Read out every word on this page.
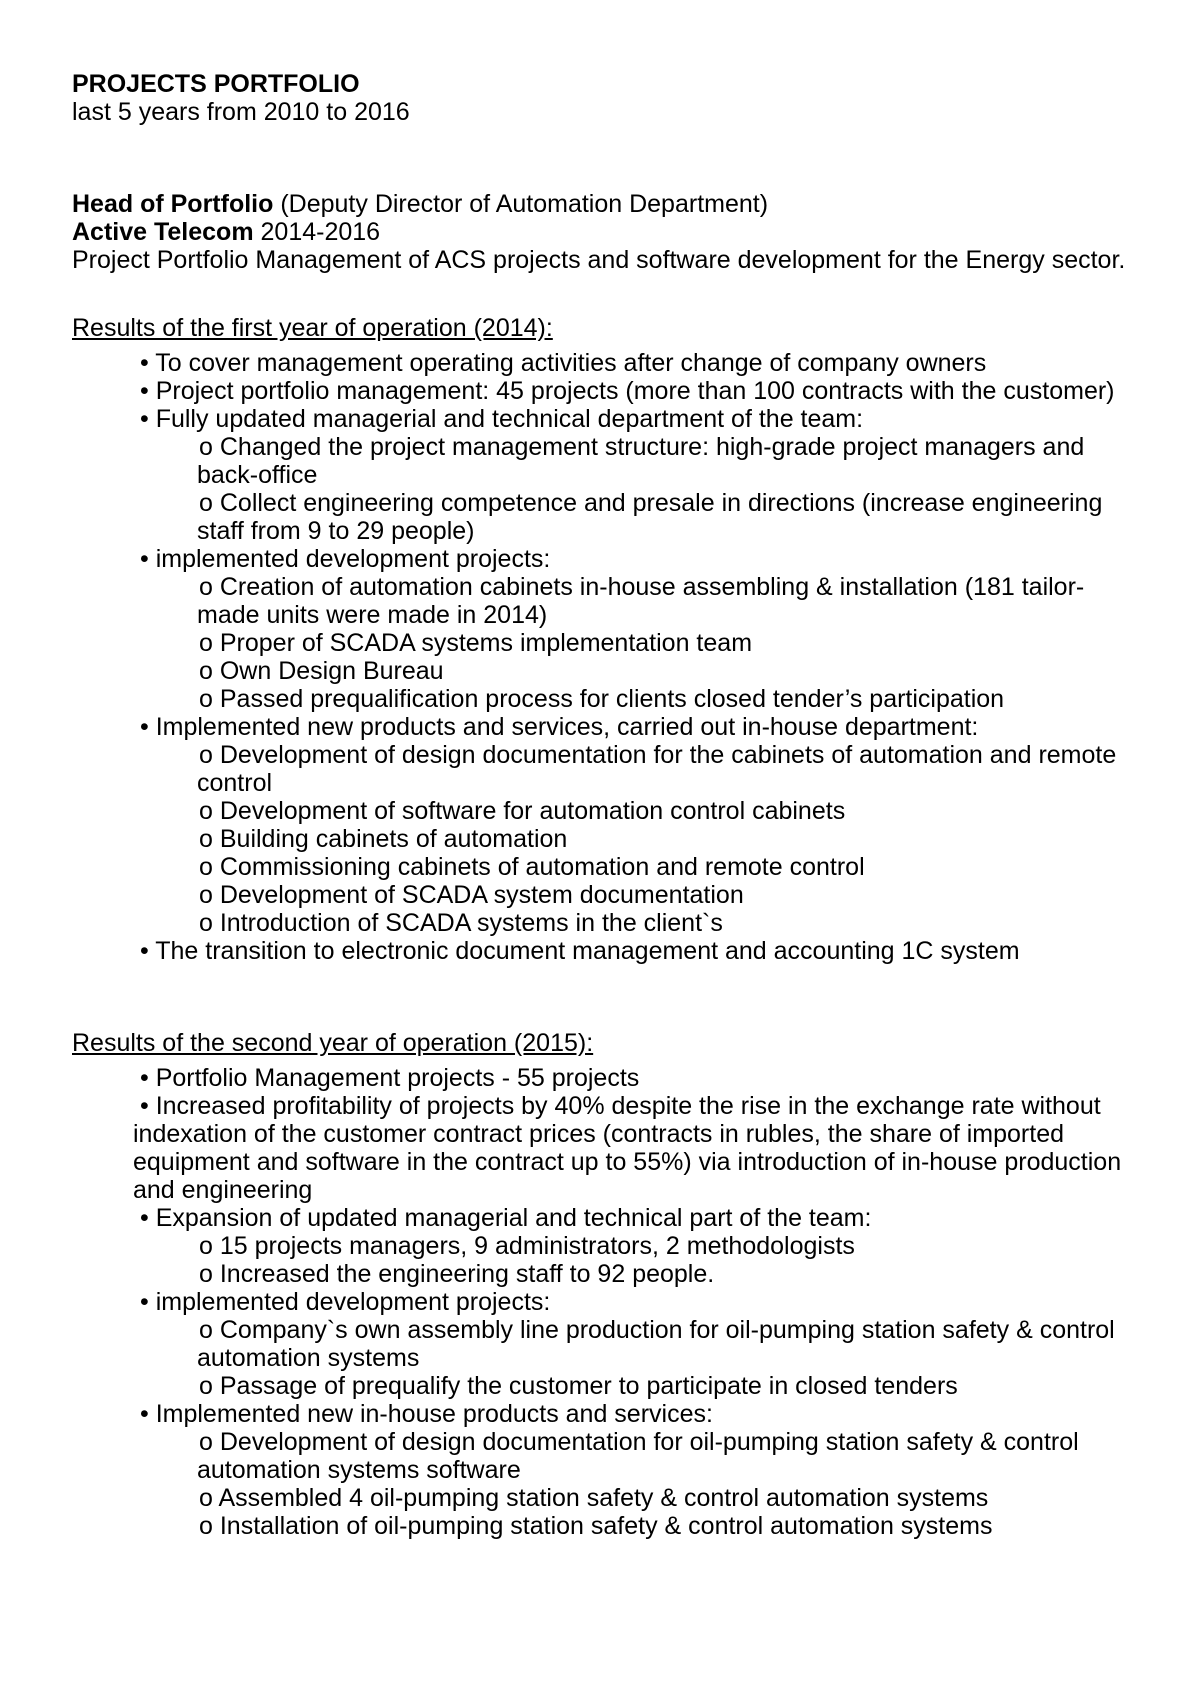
PROJECTS PORTFOLIO
last 5 years from 2010 to 2016
Head of Portfolio (Deputy Director of Automation Department)
Active Telecom 2014-2016
Project Portfolio Management of ACS projects and software development for the Energy sector.
Results of the first year of operation (2014):
• To cover management operating activities after change of company owners
• Project portfolio management: 45 projects (more than 100 contracts with the customer)
• Fully updated managerial and technical department of the team:
o Changed the project management structure: high-grade project managers and back-office
o Collect engineering competence and presale in directions (increase engineering staff from 9 to 29 people)
• implemented development projects:
o Creation of automation cabinets in-house assembling & installation (181 tailor-made units were made in 2014)
o Proper of SCADA systems implementation team
o Own Design Bureau
o Passed prequalification process for clients closed tender’s participation
• Implemented new products and services, carried out in-house department:
o Development of design documentation for the cabinets of automation and remote control
o Development of software for automation control cabinets
o Building cabinets of automation
o Commissioning cabinets of automation and remote control
o Development of SCADA system documentation
o Introduction of SCADA systems in the client`s
• The transition to electronic document management and accounting 1C system
Results of the second year of operation (2015):
• Portfolio Management projects - 55 projects
• Increased profitability of projects by 40% despite the rise in the exchange rate without indexation of the customer contract prices (contracts in rubles, the share of imported equipment and software in the contract up to 55%) via introduction of in-house production and engineering
• Expansion of updated managerial and technical part of the team:
o 15 projects managers, 9 administrators, 2 methodologists
o Increased the engineering staff to 92 people.
• implemented development projects:
o Company`s own assembly line production for oil-pumping station safety & control automation systems
o Passage of prequalify the customer to participate in closed tenders
• Implemented new in-house products and services:
o Development of design documentation for oil-pumping station safety & control automation systems software
o Assembled 4 oil-pumping station safety & control automation systems
o Installation of oil-pumping station safety & control automation systems
